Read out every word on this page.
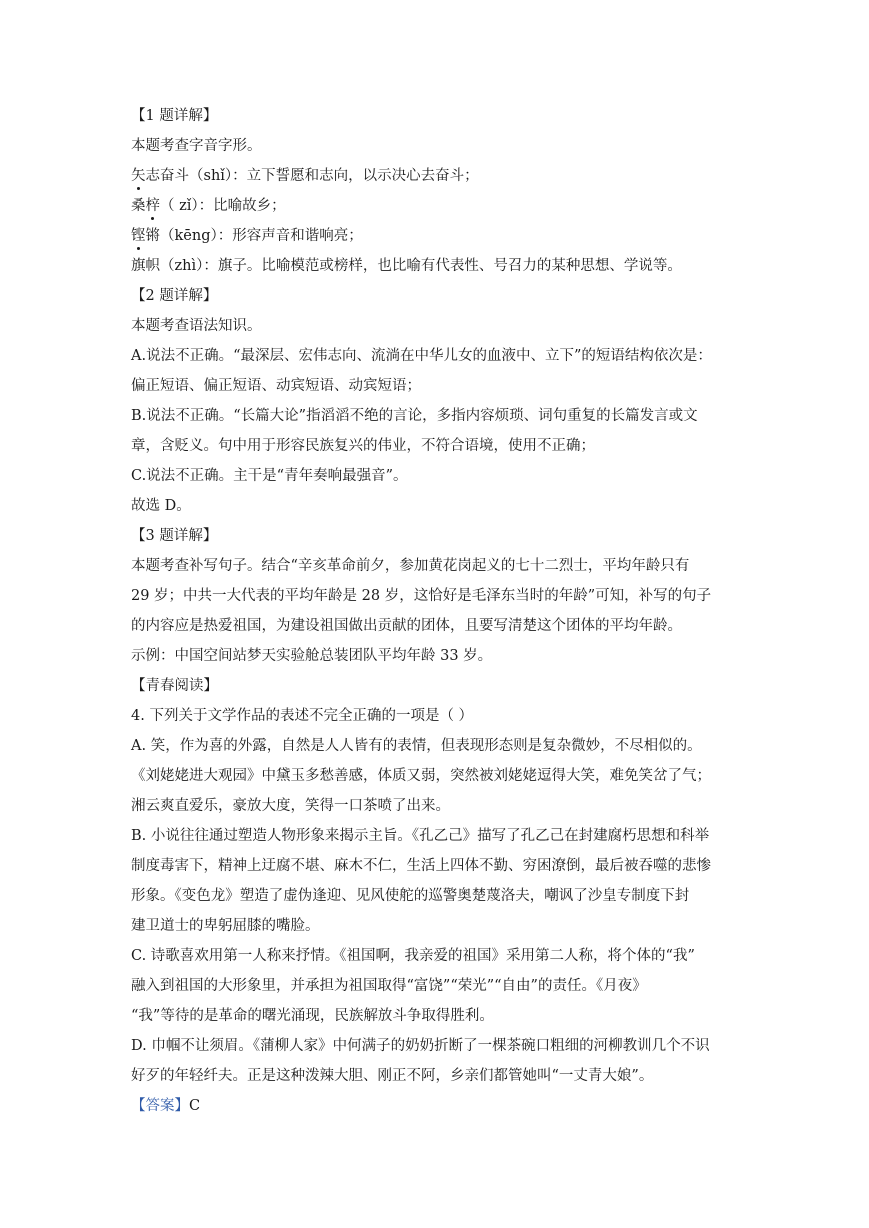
【1 题详解】
本题考查字音字形。
矢志奋斗（shǐ）：立下誓愿和志向，以示决心去奋斗；
桑梓（ zǐ）：比喻故乡；
铿锵（kēng）：形容声音和谐响亮；
旗帜（zhì）：旗子。比喻模范或榜样，也比喻有代表性、号召力的某种思想、学说等。
【2 题详解】
本题考查语法知识。
A.说法不正确。“最深层、宏伟志向、流淌在中华儿女的血液中、立下”的短语结构依次是：
偏正短语、偏正短语、动宾短语、动宾短语；
B.说法不正确。“长篇大论”指滔滔不绝的言论，多指内容烦琐、词句重复的长篇发言或文
章，含贬义。句中用于形容民族复兴的伟业，不符合语境，使用不正确；
C.说法不正确。主干是“青年奏响最强音”。
故选 D。
【3 题详解】
本题考查补写句子。结合“辛亥革命前夕，参加黄花岗起义的七十二烈士，平均年龄只有
29 岁；中共一大代表的平均年龄是 28 岁，这恰好是毛泽东当时的年龄”可知，补写的句子
的内容应是热爱祖国，为建设祖国做出贡献的团体，且要写清楚这个团体的平均年龄。
示例：中国空间站梦天实验舱总装团队平均年龄 33 岁。
【青春阅读】
4. 下列关于文学作品的表述不完全正确的一项是（ ）
A. 笑，作为喜的外露，自然是人人皆有的表情，但表现形态则是复杂微妙，不尽相似的。
《刘姥姥进大观园》中黛玉多愁善感，体质又弱，突然被刘姥姥逗得大笑，难免笑岔了气；
湘云爽直爱乐，豪放大度，笑得一口茶喷了出来。
B. 小说往往通过塑造人物形象来揭示主旨。《孔乙己》描写了孔乙己在封建腐朽思想和科举
制度毒害下，精神上迂腐不堪、麻木不仁，生活上四体不勤、穷困潦倒，最后被吞噬的悲惨
形象。《变色龙》塑造了虚伪逢迎、见风使舵的巡警奥楚蔑洛夫，嘲讽了沙皇专制度下封
建卫道士的卑躬屈膝的嘴脸。
C. 诗歌喜欢用第一人称来抒情。《祖国啊，我亲爱的祖国》采用第二人称，将个体的“我”
融入到祖国的大形象里，并承担为祖国取得“富饶”“荣光”“自由”的责任。《月夜》
“我”等待的是革命的曙光涌现，民族解放斗争取得胜利。
D. 巾帼不让须眉。《蒲柳人家》中何满子的奶奶折断了一棵茶碗口粗细的河柳教训几个不识
好歹的年轻纤夫。正是这种泼辣大胆、刚正不阿，乡亲们都管她叫“一丈青大娘”。
【答案】C
